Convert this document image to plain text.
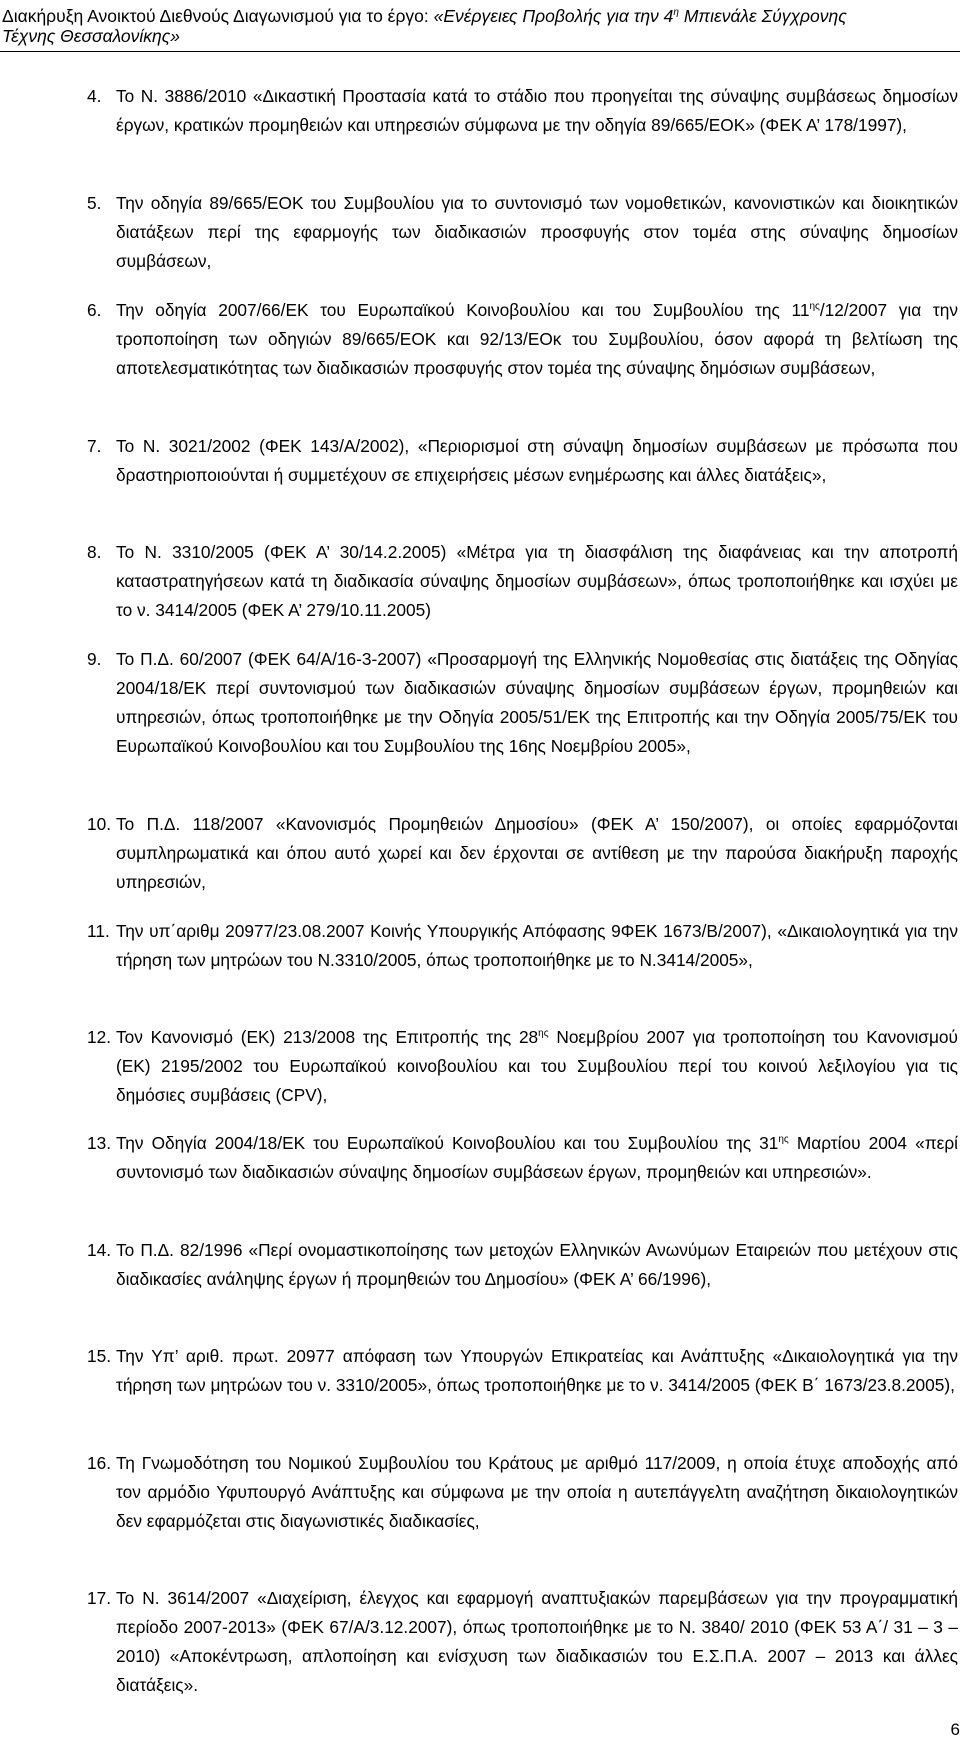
Διακήρυξη Ανοικτού Διεθνούς Διαγωνισμού για το έργο: «Ενέργειες Προβολής για την $4^\eta$ Μπιενάλε Σύγχρονης
Τέχνης Θεσσαλονίκης»
4. Το Ν. 3886/2010 «Δικαστική Προστασία κατά το στάδιο που προηγείται της σύναψης συμβάσεως δημοσίων έργων, κρατικών προμηθειών και υπηρεσιών σύμφωνα με την οδηγία 89/665/ΕΟΚ» (ΦΕΚ Α’ 178/1997),
5. Την οδηγία 89/665/ΕΟΚ του Συμβουλίου για το συντονισμό των νομοθετικών, κανονιστικών και διοικητικών διατάξεων περί της εφαρμογής των διαδικασιών προσφυγής στον τομέα στης σύναψης δημοσίων συμβάσεων,
6. Την οδηγία 2007/66/ΕΚ του Ευρωπαϊκού Κοινοβουλίου και του Συμβουλίου της $11^{\eta\varsigma}/12/2007$ για την τροποποίηση των οδηγιών 89/665/ΕΟΚ και 92/13/ΕΟκ του Συμβουλίου, όσον αφορά τη βελτίωση της αποτελεσματικότητας των διαδικασιών προσφυγής στον τομέα της σύναψης δημόσιων συμβάσεων,
7. Το Ν. 3021/2002 (ΦΕΚ 143/Α/2002), «Περιορισμοί στη σύναψη δημοσίων συμβάσεων με πρόσωπα που δραστηριοποιούνται ή συμμετέχουν σε επιχειρήσεις μέσων ενημέρωσης και άλλες διατάξεις»,
8. Το Ν. 3310/2005 (ΦΕΚ Α’ 30/14.2.2005) «Μέτρα για τη διασφάλιση της διαφάνειας και την αποτροπή καταστρατηγήσεων κατά τη διαδικασία σύναψης δημοσίων συμβάσεων», όπως τροποποιήθηκε και ισχύει με το ν. 3414/2005 (ΦΕΚ Α’ 279/10.11.2005)
9. Το Π.Δ. 60/2007 (ΦΕΚ 64/Α/16-3-2007) «Προσαρμογή της Ελληνικής Νομοθεσίας στις διατάξεις της Οδηγίας 2004/18/ΕΚ περί συντονισμού των διαδικασιών σύναψης δημοσίων συμβάσεων έργων, προμηθειών και υπηρεσιών, όπως τροποποιήθηκε με την Οδηγία 2005/51/ΕΚ της Επιτροπής και την Οδηγία 2005/75/ΕΚ του Ευρωπαϊκού Κοινοβουλίου και του Συμβουλίου της 16ης Νοεμβρίου 2005»,
10. Το Π.Δ. 118/2007 «Κανονισμός Προμηθειών Δημοσίου» (ΦΕΚ Α’ 150/2007), οι οποίες εφαρμόζονται συμπληρωματικά και όπου αυτό χωρεί και δεν έρχονται σε αντίθεση με την παρούσα διακήρυξη παροχής υπηρεσιών,
11. Την υπ΄αριθμ 20977/23.08.2007 Κοινής Υπουργικής Απόφασης 9ΦΕΚ 1673/Β/2007), «Δικαιολογητικά για την τήρηση των μητρώων του Ν.3310/2005, όπως τροποποιήθηκε με το Ν.3414/2005»,
12. Τον Κανονισμό (ΕΚ) 213/2008 της Επιτροπής της $28^{\eta\varsigma}$ Νοεμβρίου 2007 για τροποποίηση του Κανονισμού (ΕΚ) 2195/2002 του Ευρωπαϊκού κοινοβουλίου και του Συμβουλίου περί του κοινού λεξιλογίου για τις δημόσιες συμβάσεις (CPV),
13. Την Οδηγία 2004/18/ΕΚ του Ευρωπαϊκού Κοινοβουλίου και του Συμβουλίου της $31^{\eta\varsigma}$ Μαρτίου 2004 «περί συντονισμό των διαδικασιών σύναψης δημοσίων συμβάσεων έργων, προμηθειών και υπηρεσιών».
14. Το Π.Δ. 82/1996 «Περί ονομαστικοποίησης των μετοχών Ελληνικών Ανωνύμων Εταιρειών που μετέχουν στις διαδικασίες ανάληψης έργων ή προμηθειών του Δημοσίου» (ΦΕΚ Α’ 66/1996),
15. Την Υπ’ αριθ. πρωτ. 20977 απόφαση των Υπουργών Επικρατείας και Ανάπτυξης «Δικαιολογητικά για την τήρηση των μητρώων του ν. 3310/2005», όπως τροποποιήθηκε με το ν. 3414/2005 (ΦΕΚ Β΄ 1673/23.8.2005),
16. Τη Γνωμοδότηση του Νομικού Συμβουλίου του Κράτους με αριθμό 117/2009, η οποία έτυχε αποδοχής από τον αρμόδιο Υφυπουργό Ανάπτυξης και σύμφωνα με την οποία η αυτεπάγγελτη αναζήτηση δικαιολογητικών δεν εφαρμόζεται στις διαγωνιστικές διαδικασίες,
17. Το Ν. 3614/2007 «Διαχείριση, έλεγχος και εφαρμογή αναπτυξιακών παρεμβάσεων για την προγραμματική περίοδο 2007-2013» (ΦΕΚ 67/Α/3.12.2007), όπως τροποποιήθηκε με το Ν. 3840/ 2010 (ΦΕΚ 53 Α΄/ 31 – 3 – 2010) «Αποκέντρωση, απλοποίηση και ενίσχυση των διαδικασιών του Ε.Σ.Π.Α. 2007 – 2013 και άλλες διατάξεις».
6
